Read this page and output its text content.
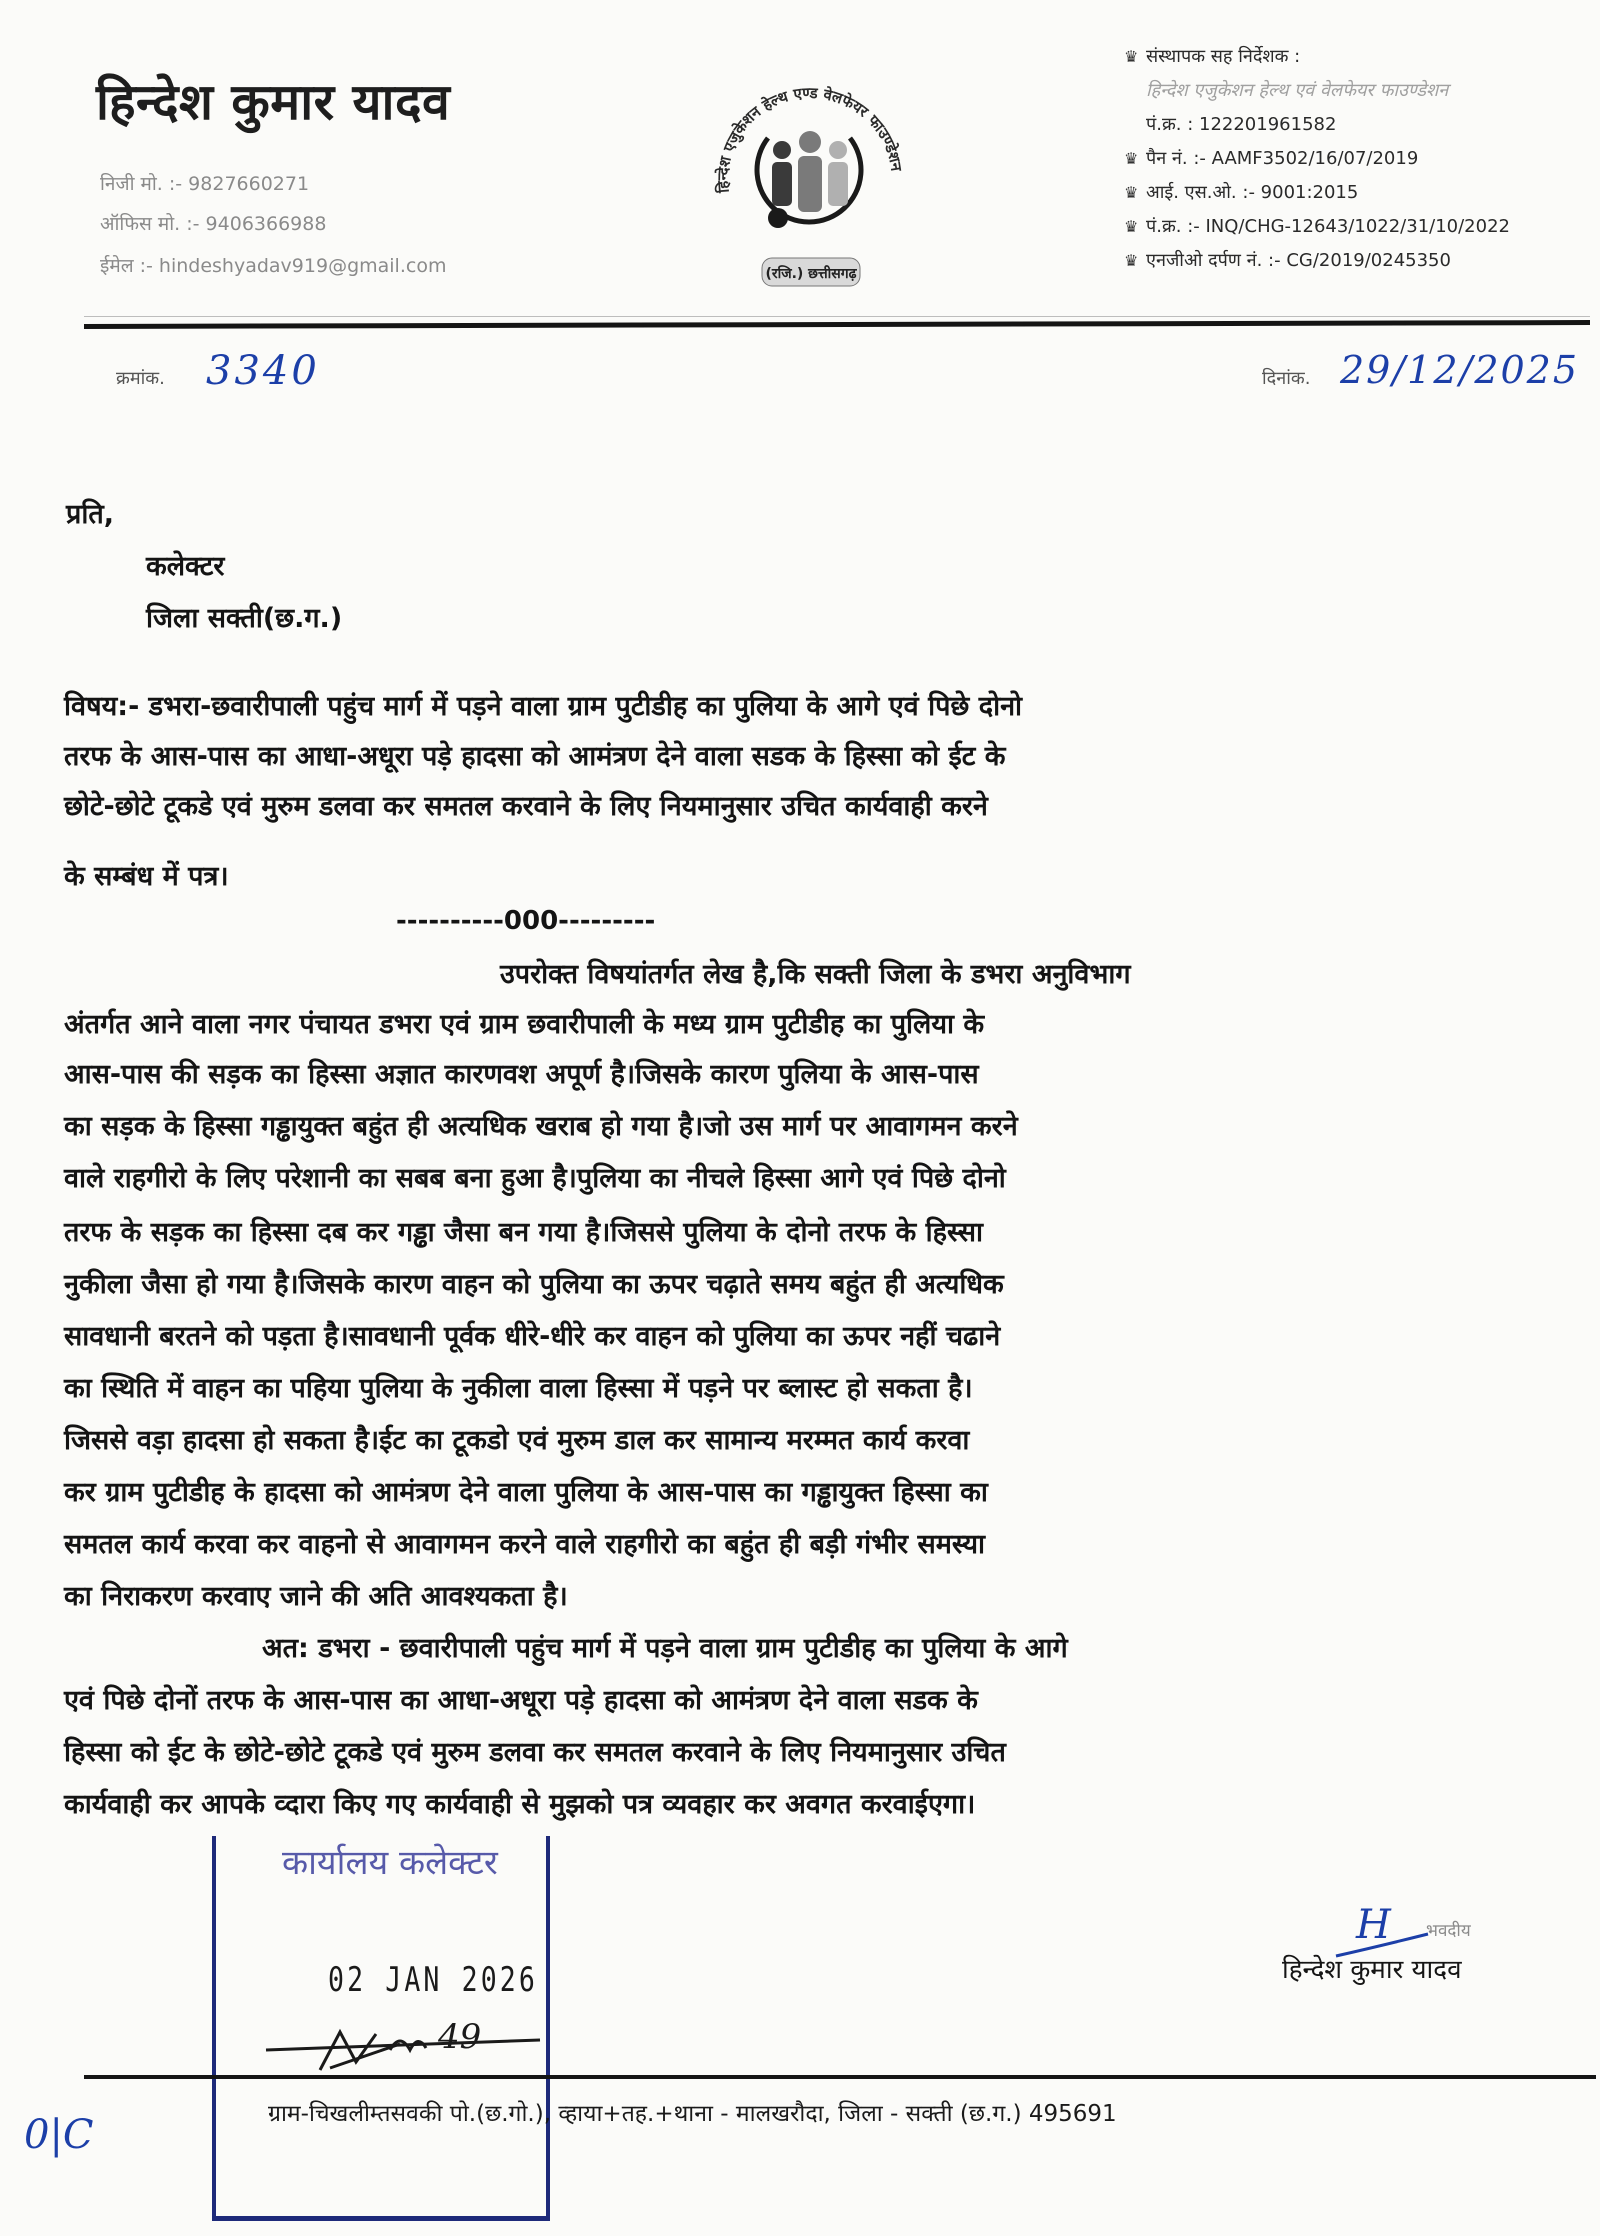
हिन्देश कुमार यादव
निजी मो. :- 9827660271
ऑफिस मो. :- 9406366988
ईमेल :- hindeshyadav919@gmail.com
हिन्देश एजुकेशन हेल्थ एण्ड वेलफेयर फाउण्डेशन
(रजि.) छत्तीसगढ़
♛ संस्थापक सह निर्देशक :
हिन्देश एजुकेशन हेल्थ एवं वेलफेयर फाउण्डेशन
पं.क्र. : 122201961582
♛ पैन नं. :- AAMF3502/16/07/2019
♛ आई. एस.ओ. :- 9001:2015
♛ पं.क्र. :- INQ/CHG-12643/1022/31/10/2022
♛ एनजीओ दर्पण नं. :- CG/2019/0245350
क्रमांक. 3340	दिनांक. 29/12/2025
प्रति,
कलेक्टर
जिला सक्ती(छ.ग.)
विषय:- डभरा-छवारीपाली पहुंच मार्ग में पड़ने वाला ग्राम पुटीडीह का पुलिया के आगे एवं पिछे दोनो
तरफ के आस-पास का आधा-अधूरा पड़े हादसा को आमंत्रण देने वाला सडक के हिस्सा को ईट के
छोटे-छोटे टूकडे एवं मुरुम डलवा कर समतल करवाने के लिए नियमानुसार उचित कार्यवाही करने
के सम्बंध में पत्र।
----------000---------
उपरोक्त विषयांतर्गत लेख है,कि सक्ती जिला के डभरा अनुविभाग
अंतर्गत आने वाला नगर पंचायत डभरा एवं ग्राम छवारीपाली के मध्य ग्राम पुटीडीह का पुलिया के
आस-पास की सड़क का हिस्सा अज्ञात कारणवश अपूर्ण है।जिसके कारण पुलिया के आस-पास
का सड़क के हिस्सा गड्ढायुक्त बहुंत ही अत्यधिक खराब हो गया है।जो उस मार्ग पर आवागमन करने
वाले राहगीरो के लिए परेशानी का सबब बना हुआ है।पुलिया का नीचले हिस्सा आगे एवं पिछे दोनो
तरफ के सड़क का हिस्सा दब कर गड्ढा जैसा बन गया है।जिससे पुलिया के दोनो तरफ के हिस्सा
नुकीला जैसा हो गया है।जिसके कारण वाहन को पुलिया का ऊपर चढ़ाते समय बहुंत ही अत्यधिक
सावधानी बरतने को पड़ता है।सावधानी पूर्वक धीरे-धीरे कर वाहन को पुलिया का ऊपर नहीं चढाने
का स्थिति में वाहन का पहिया पुलिया के नुकीला वाला हिस्सा में पड़ने पर ब्लास्ट हो सकता है।
जिससे वड़ा हादसा हो सकता है।ईट का टूकडो एवं मुरुम डाल कर सामान्य मरम्मत कार्य करवा
कर ग्राम पुटीडीह के हादसा को आमंत्रण देने वाला पुलिया के आस-पास का गड्ढायुक्त हिस्सा का
समतल कार्य करवा कर वाहनो से आवागमन करने वाले राहगीरो का बहुंत ही बड़ी गंभीर समस्या
का निराकरण करवाए जाने की अति आवश्यकता है।
अत: डभरा - छवारीपाली पहुंच मार्ग में पड़ने वाला ग्राम पुटीडीह का पुलिया के आगे
एवं पिछे दोनों तरफ के आस-पास का आधा-अधूरा पड़े हादसा को आमंत्रण देने वाला सडक के
हिस्सा को ईट के छोटे-छोटे टूकडे एवं मुरुम डलवा कर समतल करवाने के लिए नियमानुसार उचित
कार्यवाही कर आपके व्दारा किए गए कार्यवाही से मुझको पत्र व्यवहार कर अवगत करवाईएगा।
कार्यालय कलेक्टर
02 JAN 2026
49
H भवदीय
हिन्देश कुमार यादव
ग्राम-चिखलीम्तसवकी पो.(छ.गो.), व्हाया+तह.+थाना - मालखरौदा, जिला - सक्ती (छ.ग.) 495691
0|C
